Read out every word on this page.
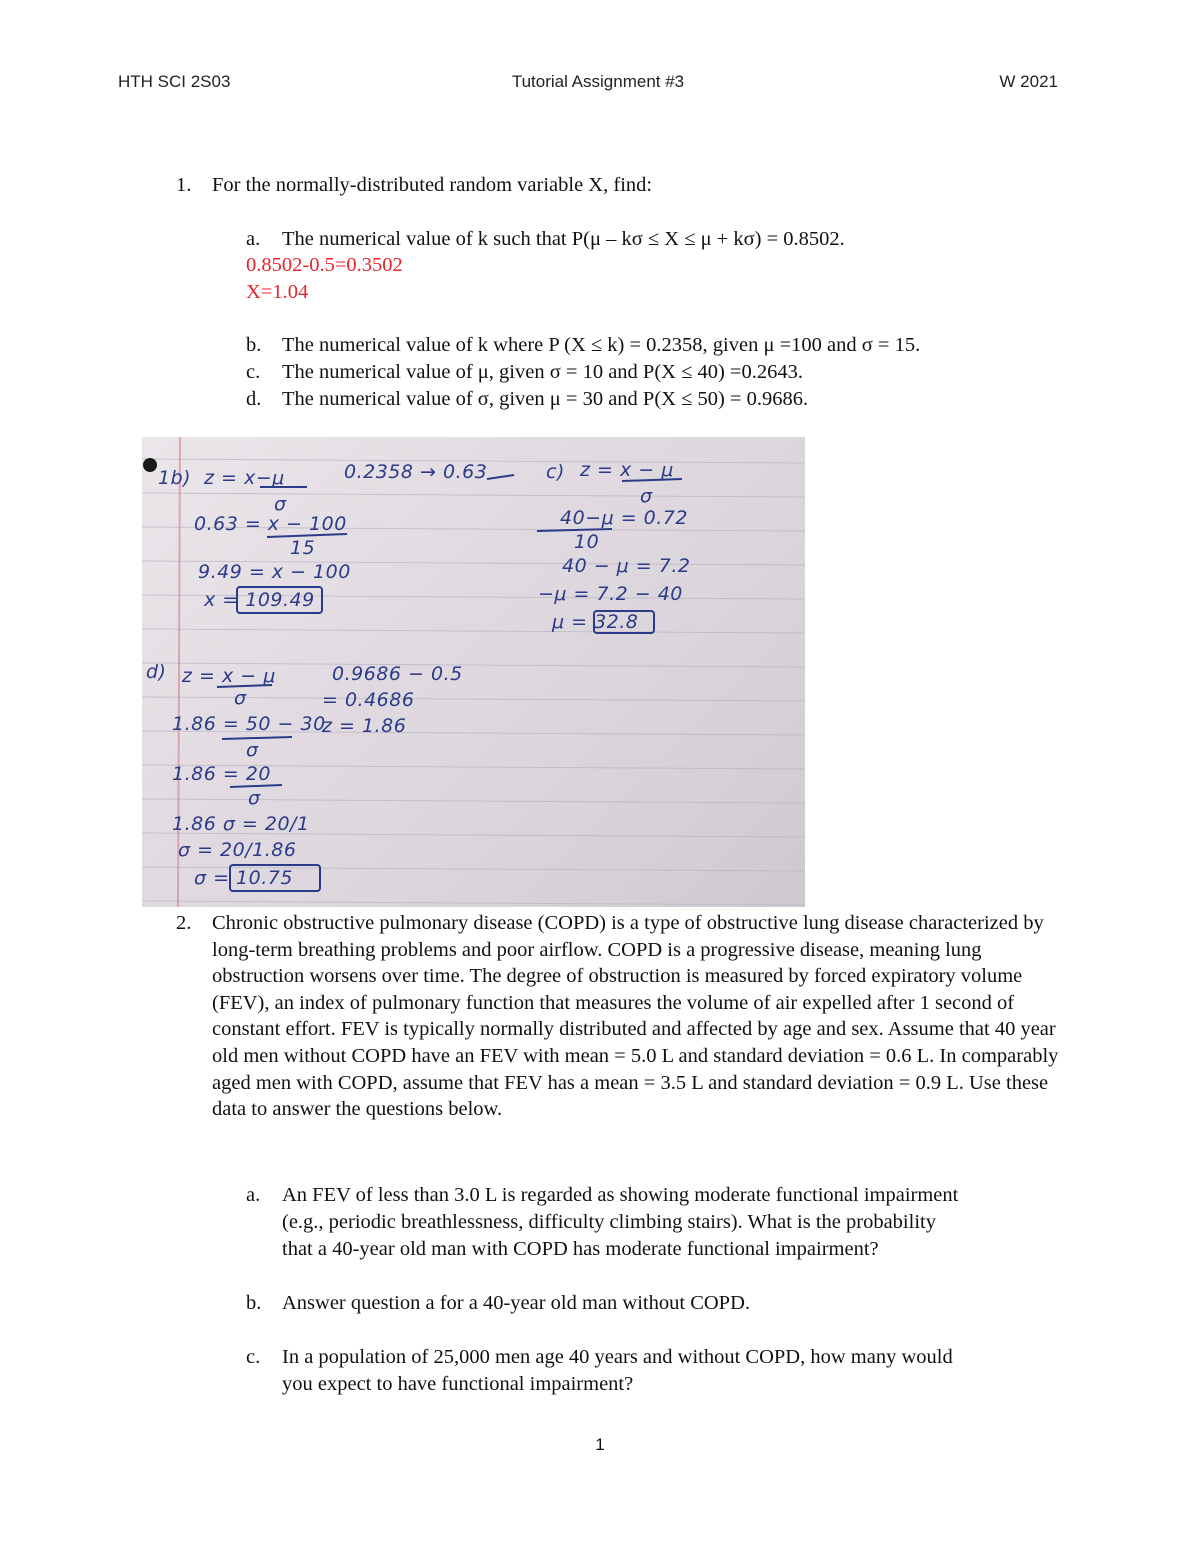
HTH SCI 2S03	Tutorial Assignment #3	W 2021
1. For the normally-distributed random variable X, find:
a. The numerical value of k such that P(μ – kσ ≤ X ≤ μ + kσ) = 0.8502.
0.8502-0.5=0.3502
X=1.04
b. The numerical value of k where P (X ≤ k) = 0.2358, given μ =100 and σ = 15.
c. The numerical value of μ, given σ = 10 and P(X ≤ 40) =0.2643.
d. The numerical value of σ, given μ = 30 and P(X ≤ 50) = 0.9686.
1b) z = x−μ
σ
0.2358 → 0.63
0.63 = x − 100
15
9.49 = x − 100
x = 109.49
c) z = x − μ
σ
40−μ = 0.72
10
40 − μ = 7.2
−μ = 7.2 − 40
μ = 32.8
d) z = x − μ
σ
0.9686 − 0.5
= 0.4686
z = 1.86
1.86 = 50 − 30
σ
1.86 = 20
σ
1.86 σ = 20/1
σ = 20/1.86
σ = 10.75
2. Chronic obstructive pulmonary disease (COPD) is a type of obstructive lung disease characterized by long-term breathing problems and poor airflow. COPD is a progressive disease, meaning lung obstruction worsens over time. The degree of obstruction is measured by forced expiratory volume (FEV), an index of pulmonary function that measures the volume of air expelled after 1 second of constant effort. FEV is typically normally distributed and affected by age and sex. Assume that 40 year old men without COPD have an FEV with mean = 5.0 L and standard deviation = 0.6 L. In comparably aged men with COPD, assume that FEV has a mean = 3.5 L and standard deviation = 0.9 L. Use these data to answer the questions below.
a. An FEV of less than 3.0 L is regarded as showing moderate functional impairment
(e.g., periodic breathlessness, difficulty climbing stairs). What is the probability
that a 40-year old man with COPD has moderate functional impairment?
b. Answer question a for a 40-year old man without COPD.
c. In a population of 25,000 men age 40 years and without COPD, how many would
you expect to have functional impairment?
1
